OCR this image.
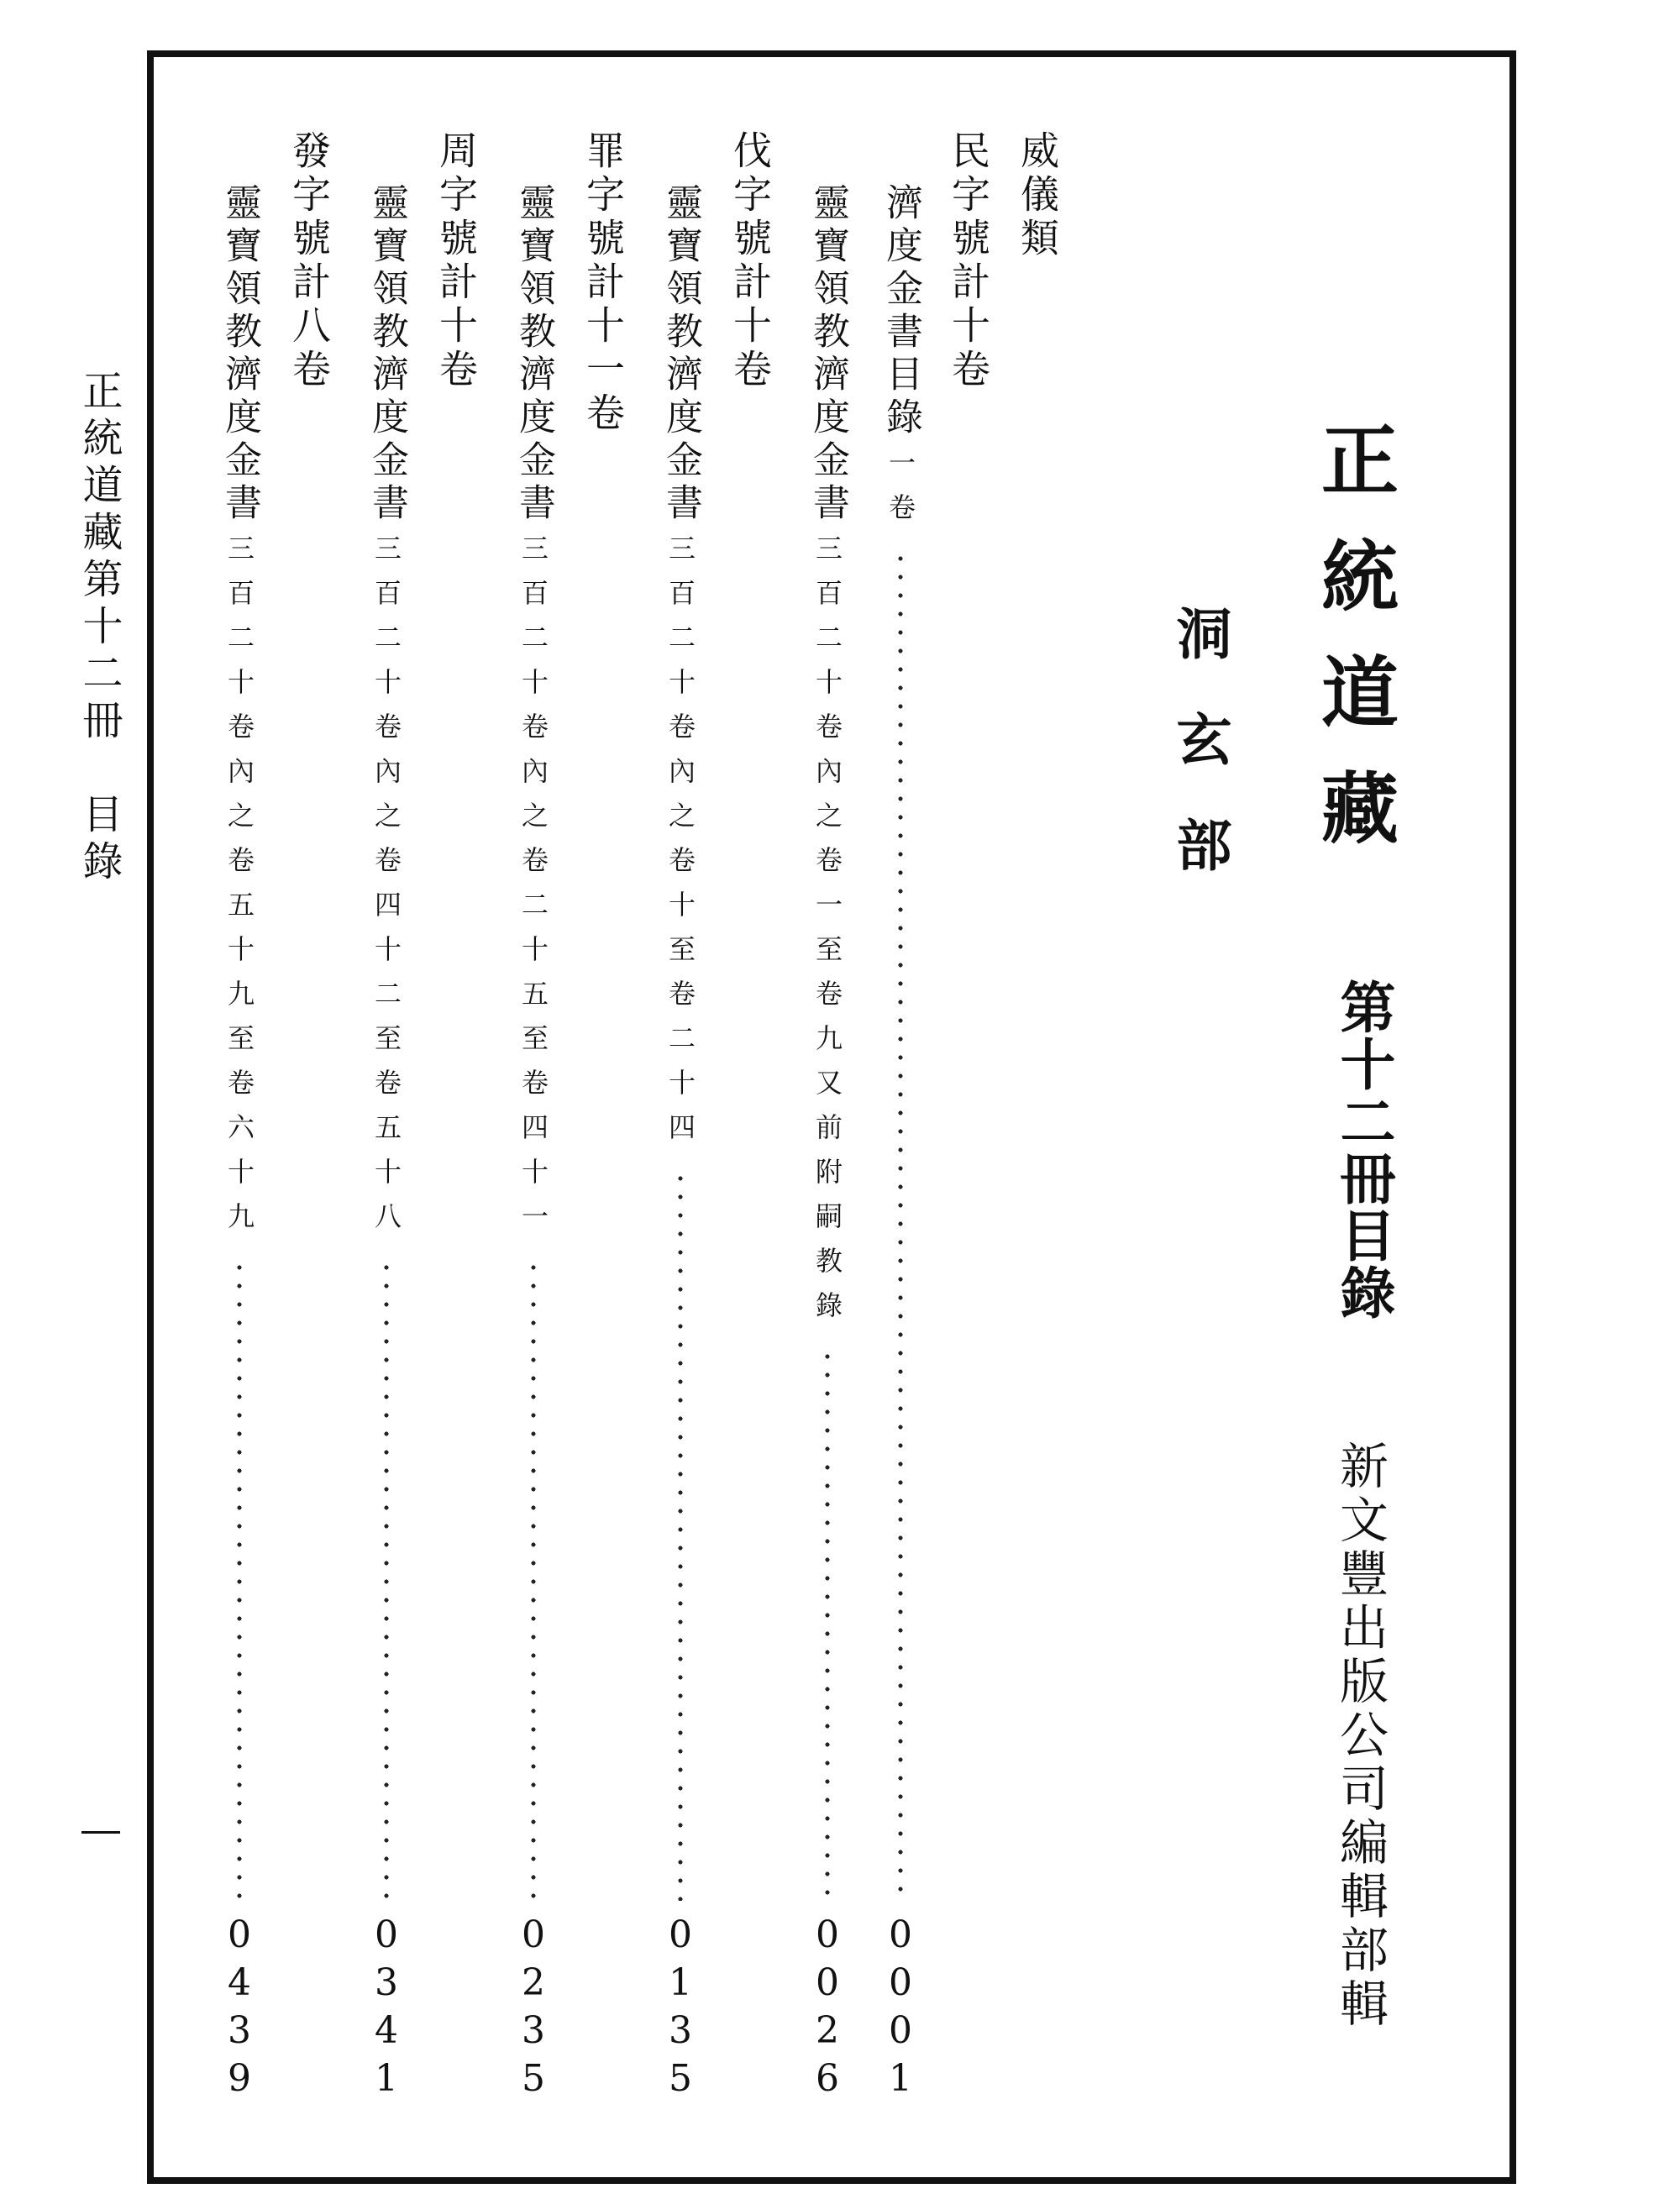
正統道藏
洞玄部
第十二冊目錄
新文豐出版公司編輯部輯
威儀類
民字號計十卷
伐字號計十卷
罪字號計十一卷
周字號計十卷
發字號計八卷	濟度金書目錄
一卷
0
0
0
1
靈寶領教濟度金書
三百二十卷內之卷一至卷九又前附嗣教錄
0
0
2
6
靈寶領教濟度金書
三百二十卷內之卷十至卷二十四
0
1
3
5
靈寶領教濟度金書
三百二十卷內之卷二十五至卷四十一
0
2
3
5
靈寶領教濟度金書
三百二十卷內之卷四十二至卷五十八
0
3
4
1
靈寶領教濟度金書
三百二十卷內之卷五十九至卷六十九
0
4
3
9
正統道藏第十二冊　目錄
